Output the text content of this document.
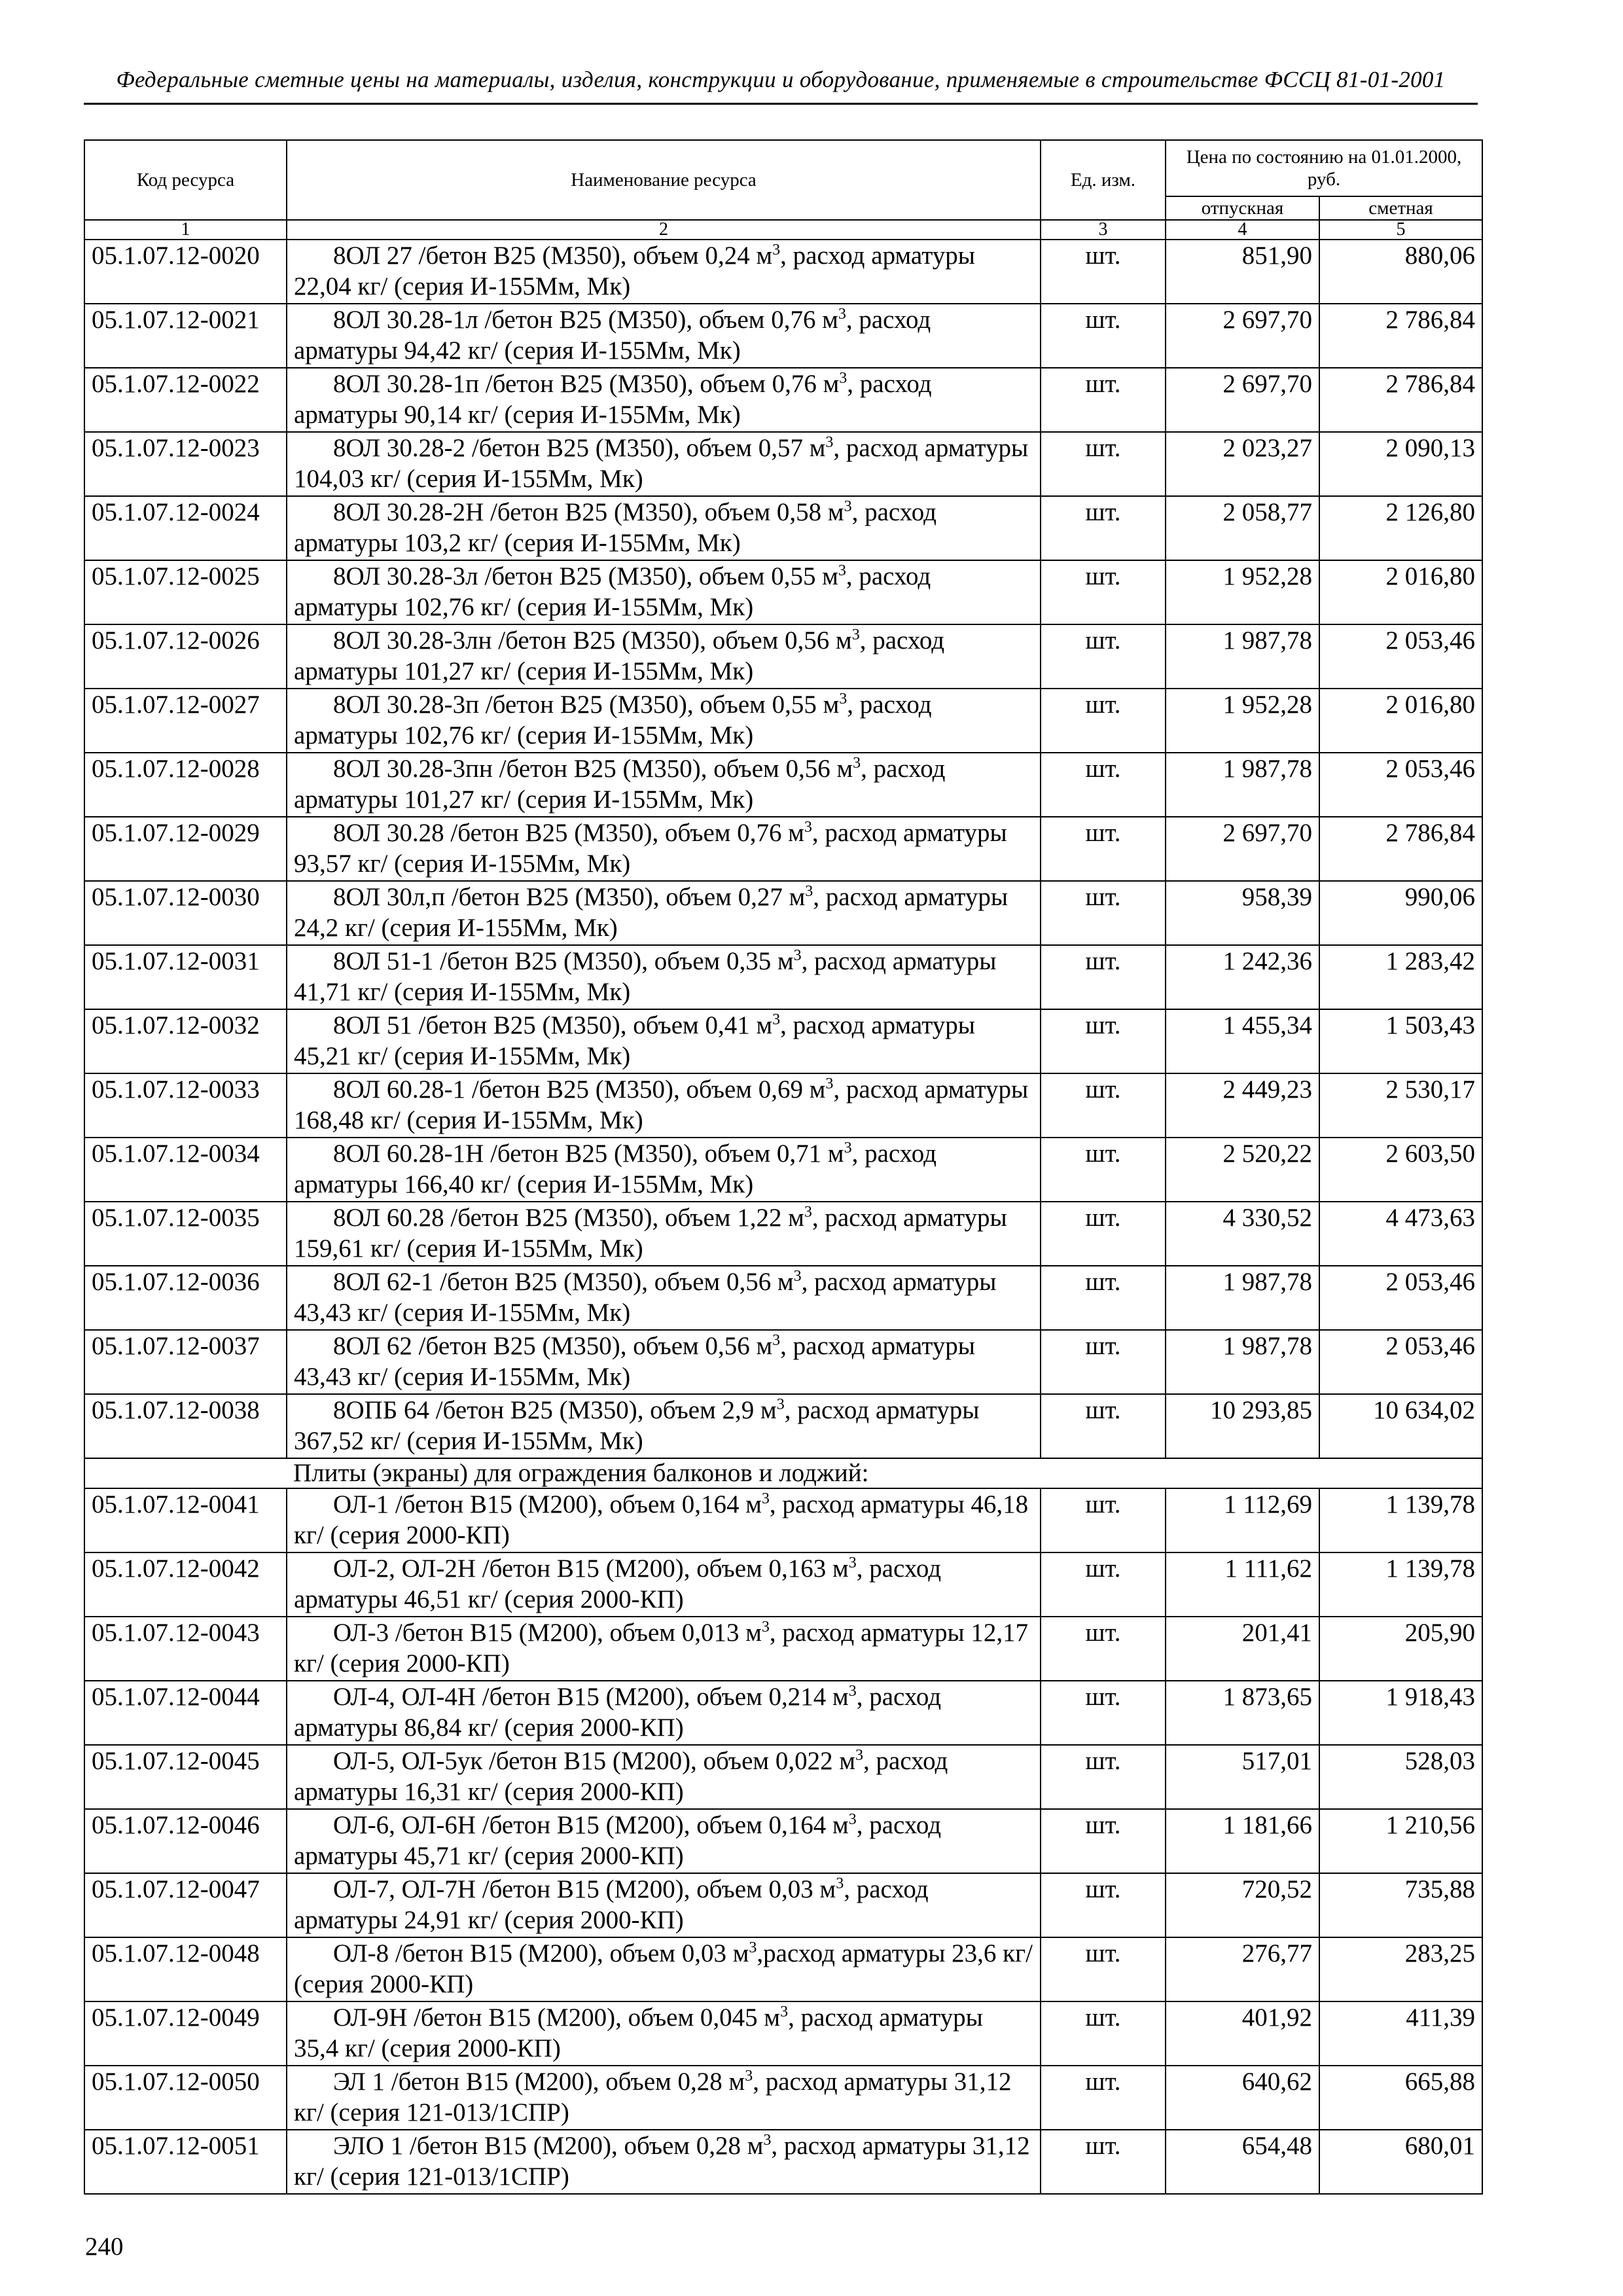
Федеральные сметные цены на материалы, изделия, конструкции и оборудование, применяемые в строительстве ФССЦ 81-01-2001
Код ресурса	Наименование ресурса	Ед. изм.	Цена по состоянию на 01.01.2000, руб.	
			отпускная	сметная
1	2	3	4	5
05.1.07.12-0020	8ОЛ 27 /бетон В25 (М350), объем 0,24 $м^3$, расход арматуры 22,04 кг/ (серия И-155Мм, Мк)	шт.	851,90	880,06
05.1.07.12-0021	8ОЛ 30.28-1л /бетон В25 (М350), объем 0,76 $м^3$, расход арматуры 94,42 кг/ (серия И-155Мм, Мк)	шт.	2 697,70	2 786,84
05.1.07.12-0022	8ОЛ 30.28-1п /бетон В25 (М350), объем 0,76 $м^3$, расход арматуры 90,14 кг/ (серия И-155Мм, Мк)	шт.	2 697,70	2 786,84
05.1.07.12-0023	8ОЛ 30.28-2 /бетон В25 (М350), объем 0,57 $м^3$, расход арматуры 104,03 кг/ (серия И-155Мм, Мк)	шт.	2 023,27	2 090,13
05.1.07.12-0024	8ОЛ 30.28-2Н /бетон В25 (М350), объем 0,58 $м^3$, расход арматуры 103,2 кг/ (серия И-155Мм, Мк)	шт.	2 058,77	2 126,80
05.1.07.12-0025	8ОЛ 30.28-3л /бетон В25 (М350), объем 0,55 $м^3$, расход арматуры 102,76 кг/ (серия И-155Мм, Мк)	шт.	1 952,28	2 016,80
05.1.07.12-0026	8ОЛ 30.28-3лн /бетон В25 (М350), объем 0,56 $м^3$, расход арматуры 101,27 кг/ (серия И-155Мм, Мк)	шт.	1 987,78	2 053,46
05.1.07.12-0027	8ОЛ 30.28-3п /бетон В25 (М350), объем 0,55 $м^3$, расход арматуры 102,76 кг/ (серия И-155Мм, Мк)	шт.	1 952,28	2 016,80
05.1.07.12-0028	8ОЛ 30.28-3пн /бетон В25 (М350), объем 0,56 $м^3$, расход арматуры 101,27 кг/ (серия И-155Мм, Мк)	шт.	1 987,78	2 053,46
05.1.07.12-0029	8ОЛ 30.28 /бетон В25 (М350), объем 0,76 $м^3$, расход арматуры 93,57 кг/ (серия И-155Мм, Мк)	шт.	2 697,70	2 786,84
05.1.07.12-0030	8ОЛ 30л,п /бетон В25 (М350), объем 0,27 $м^3$, расход арматуры 24,2 кг/ (серия И-155Мм, Мк)	шт.	958,39	990,06
05.1.07.12-0031	8ОЛ 51-1 /бетон В25 (М350), объем 0,35 $м^3$, расход арматуры 41,71 кг/ (серия И-155Мм, Мк)	шт.	1 242,36	1 283,42
05.1.07.12-0032	8ОЛ 51 /бетон В25 (М350), объем 0,41 $м^3$, расход арматуры 45,21 кг/ (серия И-155Мм, Мк)	шт.	1 455,34	1 503,43
05.1.07.12-0033	8ОЛ 60.28-1 /бетон В25 (М350), объем 0,69 $м^3$, расход арматуры 168,48 кг/ (серия И-155Мм, Мк)	шт.	2 449,23	2 530,17
05.1.07.12-0034	8ОЛ 60.28-1Н /бетон В25 (М350), объем 0,71 $м^3$, расход арматуры 166,40 кг/ (серия И-155Мм, Мк)	шт.	2 520,22	2 603,50
05.1.07.12-0035	8ОЛ 60.28 /бетон В25 (М350), объем 1,22 $м^3$, расход арматуры 159,61 кг/ (серия И-155Мм, Мк)	шт.	4 330,52	4 473,63
05.1.07.12-0036	8ОЛ 62-1 /бетон В25 (М350), объем 0,56 $м^3$, расход арматуры 43,43 кг/ (серия И-155Мм, Мк)	шт.	1 987,78	2 053,46
05.1.07.12-0037	8ОЛ 62 /бетон В25 (М350), объем 0,56 $м^3$, расход арматуры 43,43 кг/ (серия И-155Мм, Мк)	шт.	1 987,78	2 053,46
05.1.07.12-0038	8ОПБ 64 /бетон В25 (М350), объем 2,9 $м^3$, расход арматуры 367,52 кг/ (серия И-155Мм, Мк)	шт.	10 293,85	10 634,02
	Плиты (экраны) для ограждения балконов и лоджий:			
05.1.07.12-0041	ОЛ-1 /бетон В15 (М200), объем 0,164 $м^3$, расход арматуры 46,18 кг/ (серия 2000-КП)	шт.	1 112,69	1 139,78
05.1.07.12-0042	ОЛ-2, ОЛ-2Н /бетон В15 (М200), объем 0,163 $м^3$, расход арматуры 46,51 кг/ (серия 2000-КП)	шт.	1 111,62	1 139,78
05.1.07.12-0043	ОЛ-3 /бетон В15 (М200), объем 0,013 $м^3$, расход арматуры 12,17 кг/ (серия 2000-КП)	шт.	201,41	205,90
05.1.07.12-0044	ОЛ-4, ОЛ-4Н /бетон В15 (М200), объем 0,214 $м^3$, расход арматуры 86,84 кг/ (серия 2000-КП)	шт.	1 873,65	1 918,43
05.1.07.12-0045	ОЛ-5, ОЛ-5ук /бетон В15 (М200), объем 0,022 $м^3$, расход арматуры 16,31 кг/ (серия 2000-КП)	шт.	517,01	528,03
05.1.07.12-0046	ОЛ-6, ОЛ-6Н /бетон В15 (М200), объем 0,164 $м^3$, расход арматуры 45,71 кг/ (серия 2000-КП)	шт.	1 181,66	1 210,56
05.1.07.12-0047	ОЛ-7, ОЛ-7Н /бетон В15 (М200), объем 0,03 $м^3$, расход арматуры 24,91 кг/ (серия 2000-КП)	шт.	720,52	735,88
05.1.07.12-0048	ОЛ-8 /бетон В15 (М200), объем 0,03 $м^3,расход$ арматуры 23,6 кг/ (серия 2000-КП)	шт.	276,77	283,25
05.1.07.12-0049	ОЛ-9Н /бетон В15 (М200), объем 0,045 $м^3$, расход арматуры 35,4 кг/ (серия 2000-КП)	шт.	401,92	411,39
05.1.07.12-0050	ЭЛ 1 /бетон В15 (М200), объем 0,28 $м^3$, расход арматуры 31,12 кг/ (серия 121-013/1СПР)	шт.	640,62	665,88
05.1.07.12-0051	ЭЛО 1 /бетон В15 (М200), объем 0,28 $м^3$, расход арматуры 31,12 кг/ (серия 121-013/1СПР)	шт.	654,48	680,01
240
